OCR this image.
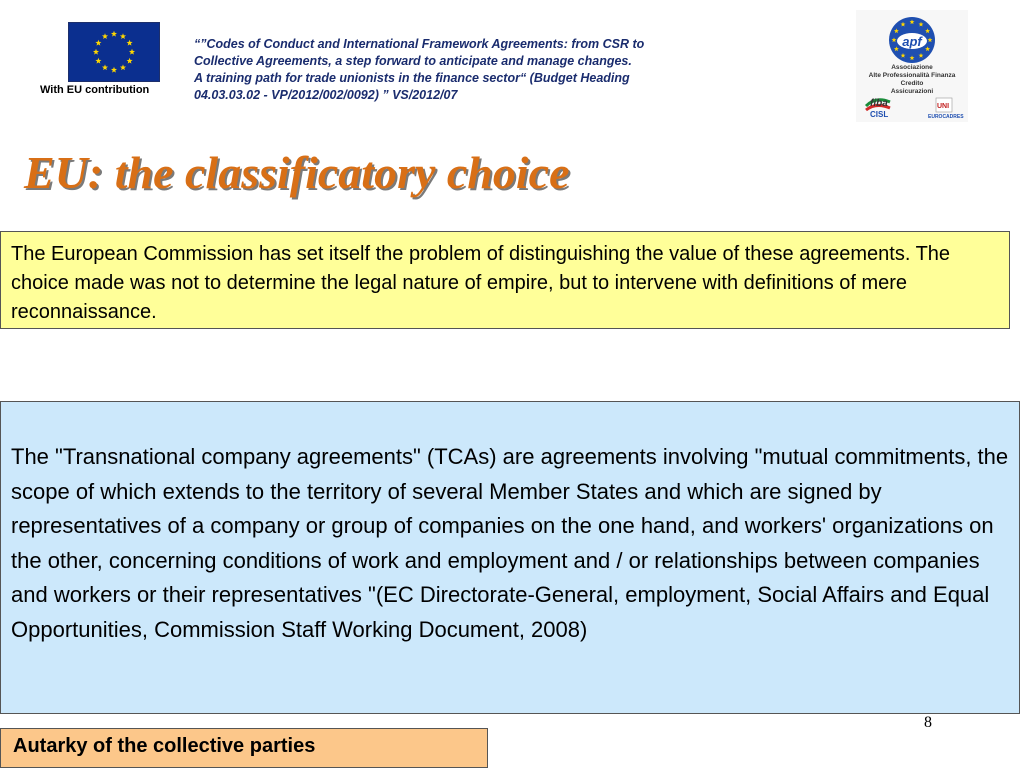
With EU contribution
“”Codes of Conduct and International Framework Agreements: from CSR to
Collective Agreements, a step forward to anticipate and manage changes.
A training path for trade unionists in the finance sector“ (Budget Heading
04.03.03.02 - VP/2012/002/0092) ” VS/2012/07
apf
fiba
CISL
UNI
EUROCADRES
Associazione
Alte Professionalità Finanza
Credito
Assicurazioni
EU: the classificatory choice
The European Commission has set itself the problem of distinguishing the value of these agreements. The choice made was not to determine the legal nature of empire, but to intervene with definitions of mere reconnaissance.
The "Transnational company agreements" (TCAs) are agreements involving "mutual commitments, the scope of which extends to the territory of several Member States and which are signed by representatives of a company or group of companies on the one hand, and workers' organizations on the other, concerning conditions of work and employment and / or relationships between companies and workers or their representatives "(EC Directorate-General, employment, Social Affairs and Equal Opportunities, Commission Staff Working Document, 2008)
8
Autarky of the collective parties
